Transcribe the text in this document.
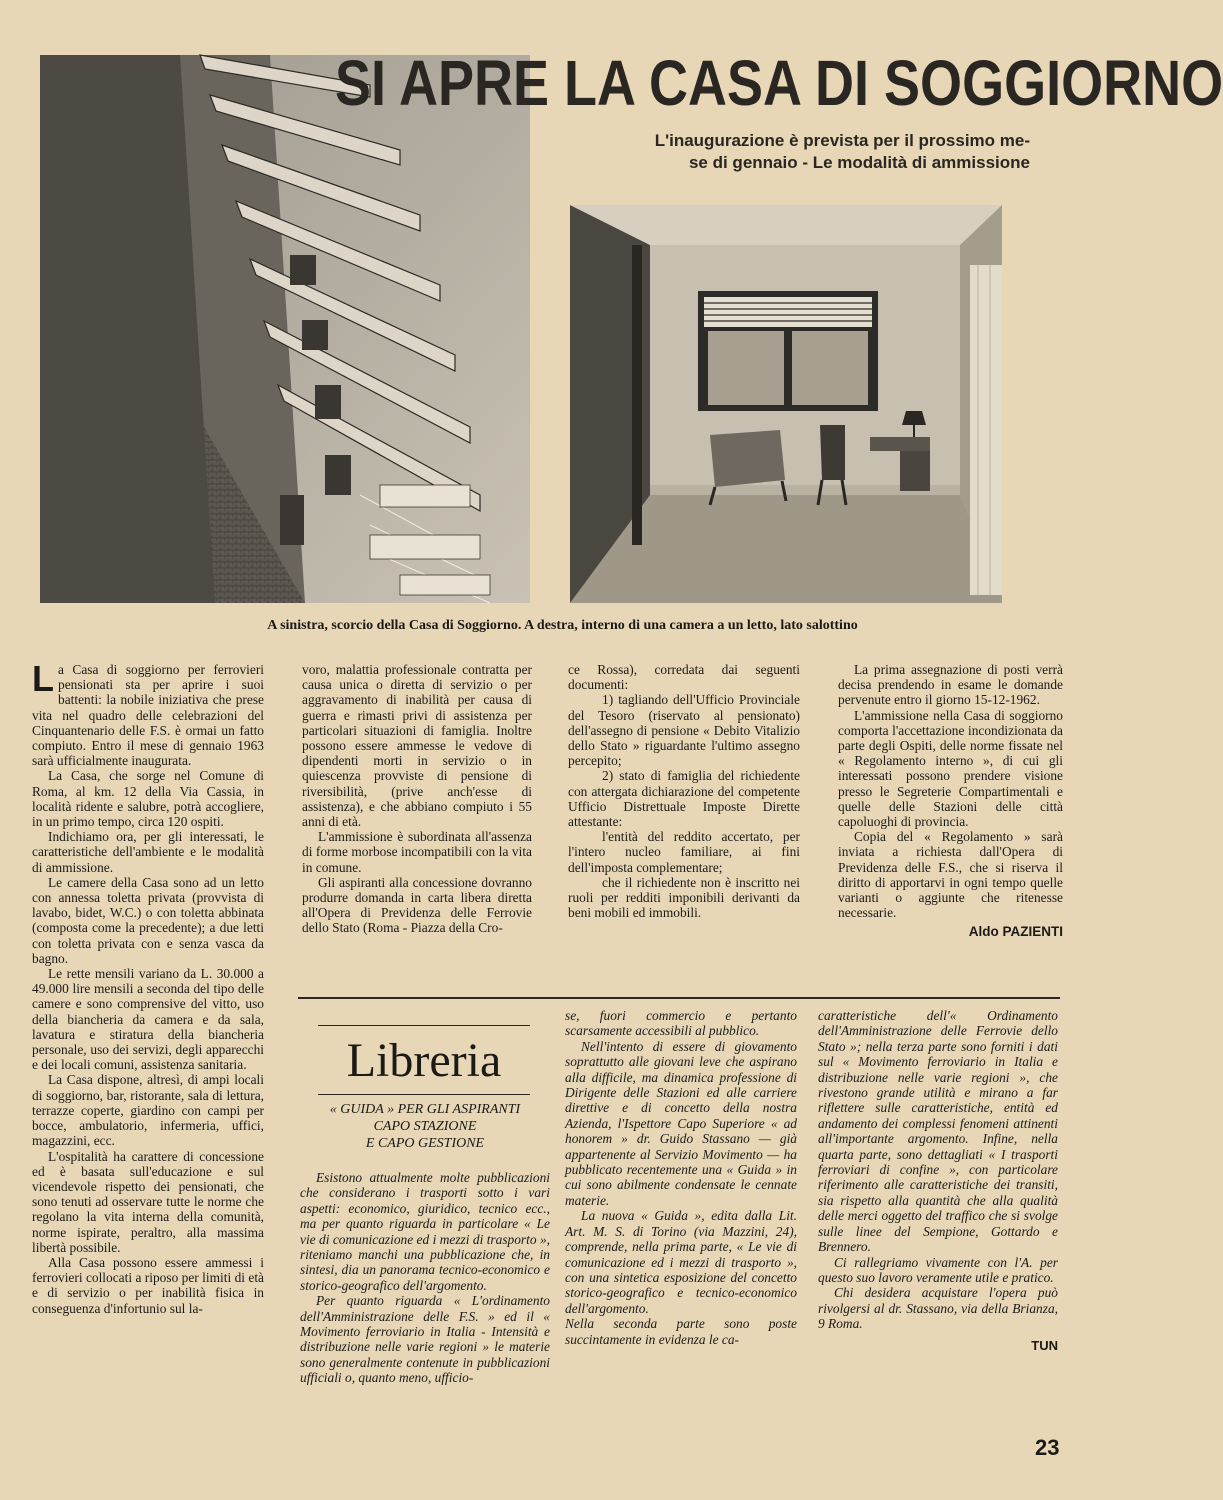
SI APRE LA CASA DI SOGGIORNO
L'inaugurazione è prevista per il prossimo me-
se di gennaio - Le modalità di ammissione
A sinistra, scorcio della Casa di Soggiorno. A destra, interno di una camera a un letto, lato salottino

La Casa di soggiorno per ferrovieri pensionati sta per aprire i suoi battenti: la nobile iniziativa che prese vita nel quadro delle celebrazioni del Cinquantenario delle F.S. è ormai un fatto compiuto. Entro il mese di gennaio 1963 sarà ufficialmente inaugurata.

La Casa, che sorge nel Comune di Roma, al km. 12 della Via Cassia, in località ridente e salubre, potrà accogliere, in un primo tempo, circa 120 ospiti.

Indichiamo ora, per gli interessati, le caratteristiche dell'ambiente e le modalità di ammissione.

Le camere della Casa sono ad un letto con annessa toletta privata (provvista di lavabo, bidet, W.C.) o con toletta abbinata (composta come la precedente); a due letti con toletta privata con e senza vasca da bagno.

Le rette mensili variano da L. 30.000 a 49.000 lire mensili a seconda del tipo delle camere e sono comprensive del vitto, uso della biancheria da camera e da sala, lavatura e stiratura della biancheria personale, uso dei servizi, degli apparecchi e dei locali comuni, assistenza sanitaria.

La Casa dispone, altresì, di ampi locali di soggiorno, bar, ristorante, sala di lettura, terrazze coperte, giardino con campi per bocce, ambulatorio, infermeria, uffici, magazzini, ecc.

L'ospitalità ha carattere di concessione ed è basata sull'educazione e sul vicendevole rispetto dei pensionati, che sono tenuti ad osservare tutte le norme che regolano la vita interna della comunità, norme ispirate, peraltro, alla massima libertà possibile.

Alla Casa possono essere ammessi i ferrovieri collocati a riposo per limiti di età e di servizio o per inabilità fisica in conseguenza d'infortunio sul la-

voro, malattia professionale contratta per causa unica o diretta di servizio o per aggravamento di inabilità per causa di guerra e rimasti privi di assistenza per particolari situazioni di famiglia. Inoltre possono essere ammesse le vedove di dipendenti morti in servizio o in quiescenza provviste di pensione di riversibilità, (prive anch'esse di assistenza), e che abbiano compiuto i 55 anni di età.

L'ammissione è subordinata all'assenza di forme morbose incompatibili con la vita in comune.

Gli aspiranti alla concessione dovranno produrre domanda in carta libera diretta all'Opera di Previdenza delle Ferrovie dello Stato (Roma - Piazza della Cro-

ce Rossa), corredata dai seguenti documenti:

1) tagliando dell'Ufficio Provinciale del Tesoro (riservato al pensionato) dell'assegno di pensione « Debito Vitalizio dello Stato » riguardante l'ultimo assegno percepito;

2) stato di famiglia del richiedente con attergata dichiarazione del competente Ufficio Distrettuale Imposte Dirette attestante:

l'entità del reddito accertato, per l'intero nucleo familiare, ai fini dell'imposta complementare;

che il richiedente non è inscritto nei ruoli per redditi imponibili derivanti da beni mobili ed immobili.

La prima assegnazione di posti verrà decisa prendendo in esame le domande pervenute entro il giorno 15-12-1962.

L'ammissione nella Casa di soggiorno comporta l'accettazione incondizionata da parte degli Ospiti, delle norme fissate nel « Regolamento interno », di cui gli interessati possono prendere visione presso le Segreterie Compartimentali e quelle delle Stazioni delle città capoluoghi di provincia.

Copia del « Regolamento » sarà inviata a richiesta dall'Opera di Previdenza delle F.S., che si riserva il diritto di apportarvi in ogni tempo quelle varianti o aggiunte che ritenesse necessarie.

Aldo PAZIENTI
Libreria
« GUIDA » PER GLI ASPIRANTI
CAPO STAZIONE
E CAPO GESTIONE

Esistono attualmente molte pubblicazioni che considerano i trasporti sotto i vari aspetti: economico, giuridico, tecnico ecc., ma per quanto riguarda in particolare « Le vie di comunicazione ed i mezzi di trasporto », riteniamo manchi una pubblicazione che, in sintesi, dia un panorama tecnico-economico e storico-geografico dell'argomento.

Per quanto riguarda « L'ordinamento dell'Amministrazione delle F.S. » ed il « Movimento ferroviario in Italia - Intensità e distribuzione nelle varie regioni » le materie sono generalmente contenute in pubblicazioni ufficiali o, quanto meno, ufficio-

se, fuori commercio e pertanto scarsamente accessibili al pubblico.

Nell'intento di essere di giovamento soprattutto alle giovani leve che aspirano alla difficile, ma dinamica professione di Dirigente delle Stazioni ed alle carriere direttive e di concetto della nostra Azienda, l'Ispettore Capo Superiore « ad honorem » dr. Guido Stassano — già appartenente al Servizio Movimento — ha pubblicato recentemente una « Guida » in cui sono abilmente condensate le cennate materie.

La nuova « Guida », edita dalla Lit. Art. M. S. di Torino (via Mazzini, 24), comprende, nella prima parte, « Le vie di comunicazione ed i mezzi di trasporto », con una sintetica esposizione del concetto storico-geografico e tecnico-economico dell'argomento.

Nella seconda parte sono poste succintamente in evidenza le ca-

caratteristiche dell'« Ordinamento dell'Amministrazione delle Ferrovie dello Stato »; nella terza parte sono forniti i dati sul « Movimento ferroviario in Italia e distribuzione nelle varie regioni », che rivestono grande utilità e mirano a far riflettere sulle caratteristiche, entità ed andamento dei complessi fenomeni attinenti all'importante argomento. Infine, nella quarta parte, sono dettagliati « I trasporti ferroviari di confine », con particolare riferimento alle caratteristiche dei transiti, sia rispetto alla quantità che alla qualità delle merci oggetto del traffico che si svolge sulle linee del Sempione, Gottardo e Brennero.

Ci rallegriamo vivamente con l'A. per questo suo lavoro veramente utile e pratico.

Chi desidera acquistare l'opera può rivolgersi al dr. Stassano, via della Brianza, 9 Roma.

TUN
23
